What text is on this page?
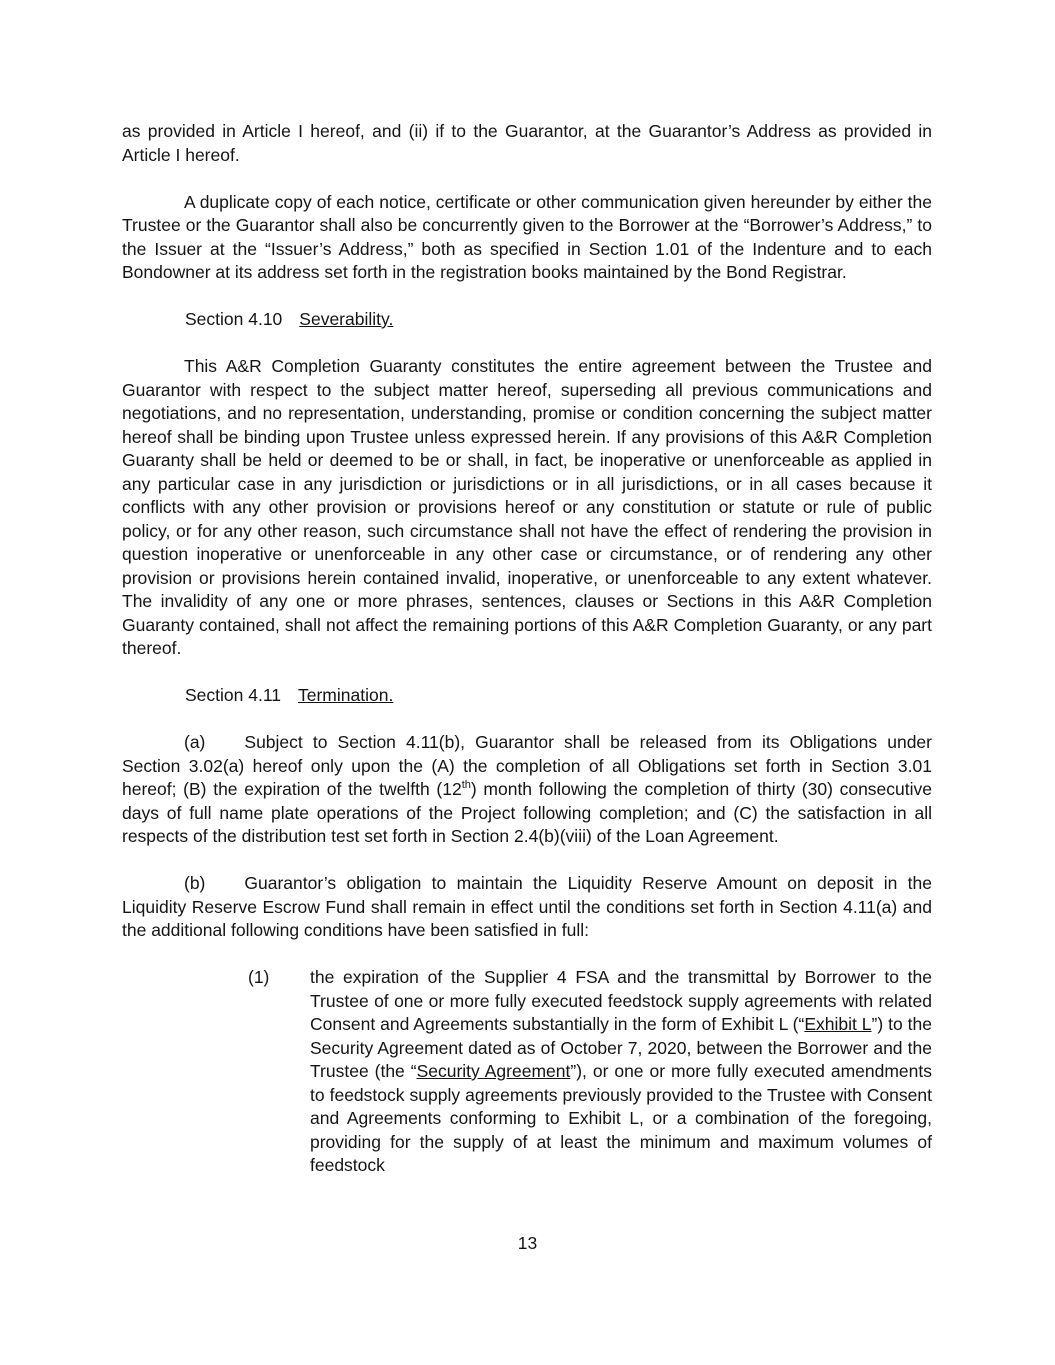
as provided in Article I hereof, and (ii) if to the Guarantor, at the Guarantor’s Address as provided in Article I hereof.

A duplicate copy of each notice, certificate or other communication given hereunder by either the Trustee or the Guarantor shall also be concurrently given to the Borrower at the “Borrower’s Address,” to the Issuer at the “Issuer’s Address,” both as specified in Section 1.01 of the Indenture and to each Bondowner at its address set forth in the registration books maintained by the Bond Registrar.

Section 4.10 Severability.

This A&R Completion Guaranty constitutes the entire agreement between the Trustee and Guarantor with respect to the subject matter hereof, superseding all previous communications and negotiations, and no representation, understanding, promise or condition concerning the subject matter hereof shall be binding upon Trustee unless expressed herein. If any provisions of this A&R Completion Guaranty shall be held or deemed to be or shall, in fact, be inoperative or unenforceable as applied in any particular case in any jurisdiction or jurisdictions or in all jurisdictions, or in all cases because it conflicts with any other provision or provisions hereof or any constitution or statute or rule of public policy, or for any other reason, such circumstance shall not have the effect of rendering the provision in question inoperative or unenforceable in any other case or circumstance, or of rendering any other provision or provisions herein contained invalid, inoperative, or unenforceable to any extent whatever. The invalidity of any one or more phrases, sentences, clauses or Sections in this A&R Completion Guaranty contained, shall not affect the remaining portions of this A&R Completion Guaranty, or any part thereof.

Section 4.11 Termination.

(a) Subject to Section 4.11(b), Guarantor shall be released from its Obligations under Section 3.02(a) hereof only upon the (A) the completion of all Obligations set forth in Section 3.01 hereof; (B) the expiration of the twelfth (12th) month following the completion of thirty (30) consecutive days of full name plate operations of the Project following completion; and (C) the satisfaction in all respects of the distribution test set forth in Section 2.4(b)(viii) of the Loan Agreement.

(b) Guarantor’s obligation to maintain the Liquidity Reserve Amount on deposit in the Liquidity Reserve Escrow Fund shall remain in effect until the conditions set forth in Section 4.11(a) and the additional following conditions have been satisfied in full:

(1)	the expiration of the Supplier 4 FSA and the transmittal by Borrower to the Trustee of one or more fully executed feedstock supply agreements with related Consent and Agreements substantially in the form of Exhibit L (“Exhibit L”) to the Security Agreement dated as of October 7, 2020, between the Borrower and the Trustee (the “Security Agreement”), or one or more fully executed amendments to feedstock supply agreements previously provided to the Trustee with Consent and Agreements conforming to Exhibit L, or a combination of the foregoing, providing for the supply of at least the minimum and maximum volumes of feedstock
13
